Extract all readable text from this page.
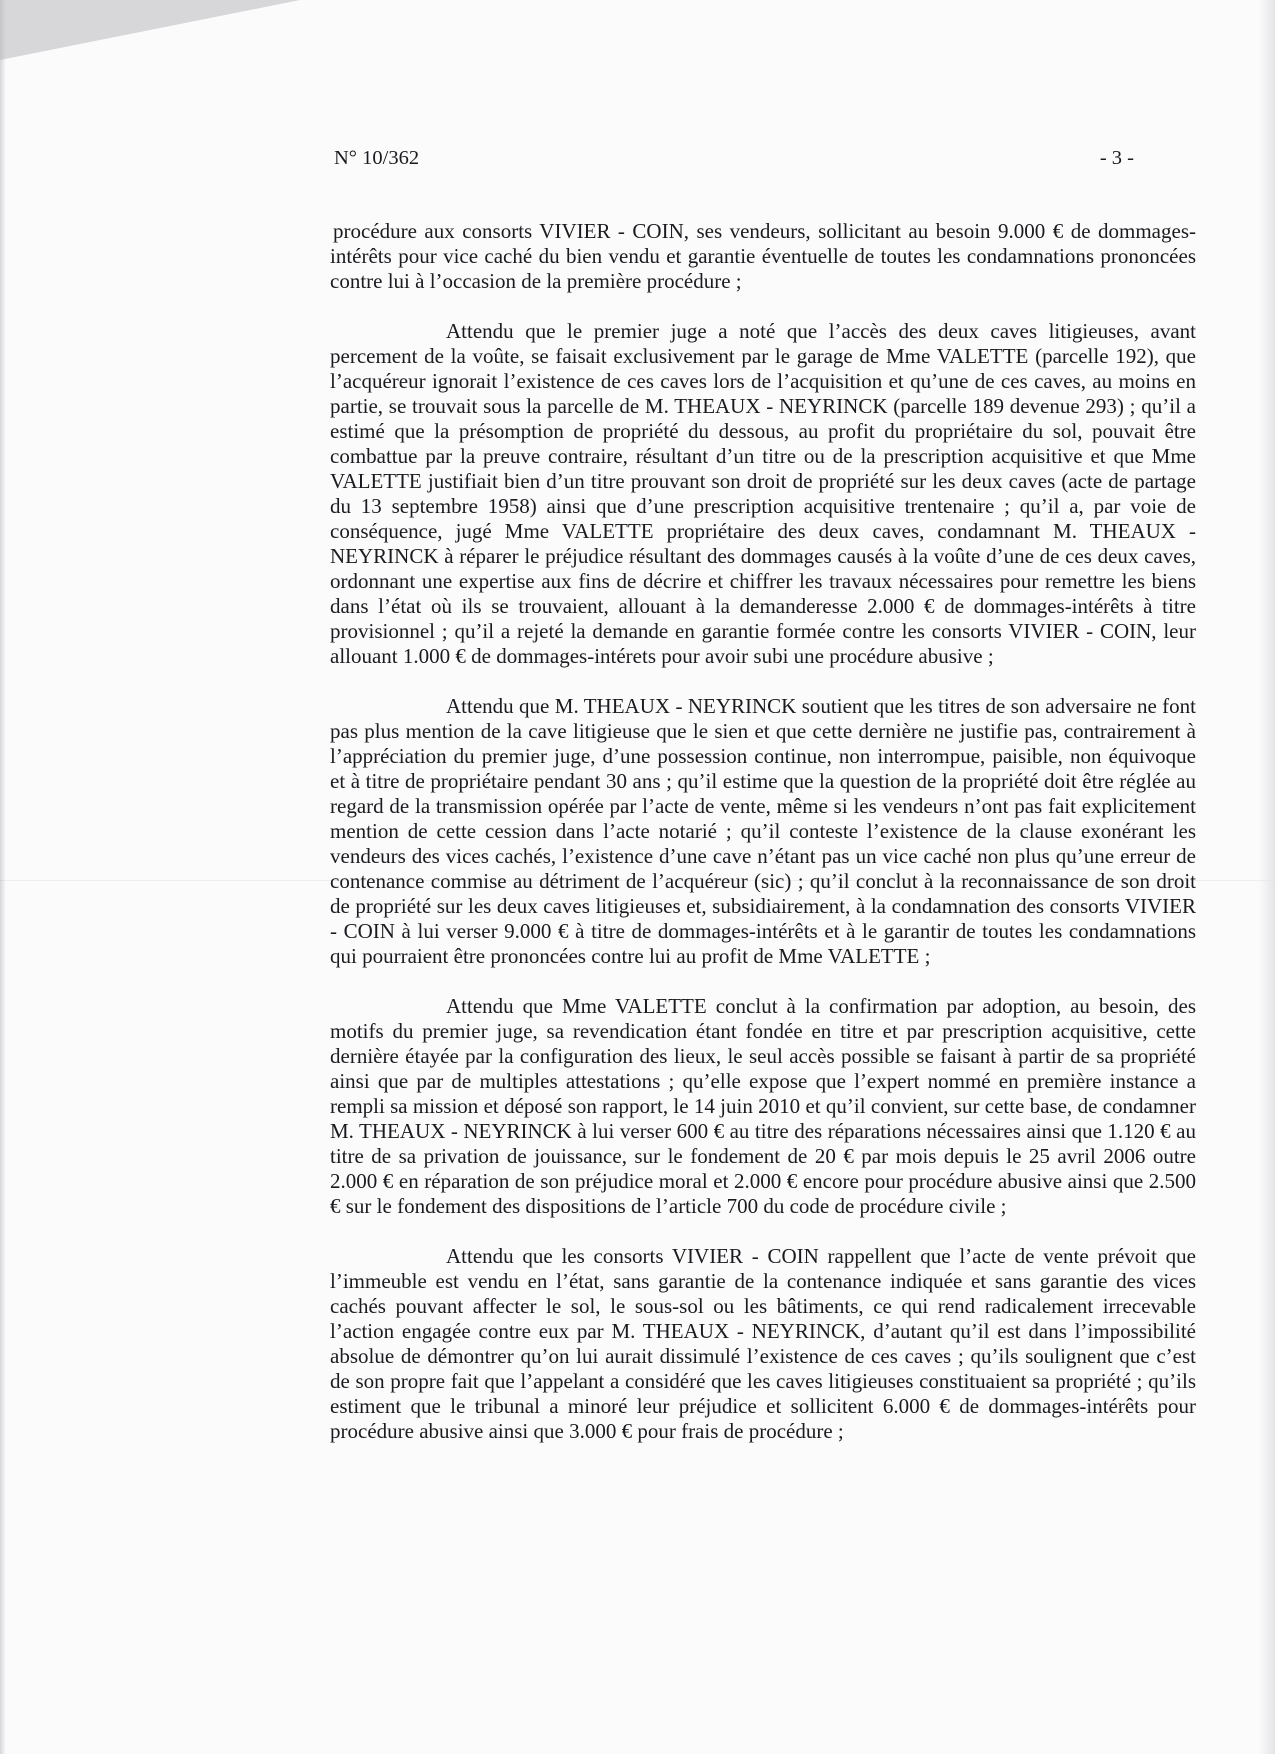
N° 10/362	- 3 -

procédure aux consorts VIVIER - COIN, ses vendeurs, sollicitant au besoin 9.000 € de dommages-intérêts pour vice caché du bien vendu et garantie éventuelle de toutes les condamnations prononcées contre lui à l’occasion de la première procédure ;

Attendu que le premier juge a noté que l’accès des deux caves litigieuses, avant percement de la voûte, se faisait exclusivement par le garage de Mme VALETTE (parcelle 192), que l’acquéreur ignorait l’existence de ces caves lors de l’acquisition et qu’une de ces caves, au moins en partie, se trouvait sous la parcelle de M. THEAUX - NEYRINCK (parcelle 189 devenue 293) ; qu’il a estimé que la présomption de propriété du dessous, au profit du propriétaire du sol, pouvait être combattue par la preuve contraire, résultant d’un titre ou de la prescription acquisitive et que Mme VALETTE justifiait bien d’un titre prouvant son droit de propriété sur les deux caves (acte de partage du 13 septembre 1958) ainsi que d’une prescription acquisitive trentenaire ; qu’il a, par voie de conséquence, jugé Mme VALETTE propriétaire des deux caves, condamnant M. THEAUX - NEYRINCK à réparer le préjudice résultant des dommages causés à la voûte d’une de ces deux caves, ordonnant une expertise aux fins de décrire et chiffrer les travaux nécessaires pour remettre les biens dans l’état où ils se trouvaient, allouant à la demanderesse 2.000 € de dommages-intérêts à titre provisionnel ; qu’il a rejeté la demande en garantie formée contre les consorts VIVIER - COIN, leur allouant 1.000 € de dommages-intérets pour avoir subi une procédure abusive ;

Attendu que M. THEAUX - NEYRINCK soutient que les titres de son adversaire ne font pas plus mention de la cave litigieuse que le sien et que cette dernière ne justifie pas, contrairement à l’appréciation du premier juge, d’une possession continue, non interrompue, paisible, non équivoque et à titre de propriétaire pendant 30 ans ; qu’il estime que la question de la propriété doit être réglée au regard de la transmission opérée par l’acte de vente, même si les vendeurs n’ont pas fait explicitement mention de cette cession dans l’acte notarié ; qu’il conteste l’existence de la clause exonérant les vendeurs des vices cachés, l’existence d’une cave n’étant pas un vice caché non plus qu’une erreur de contenance commise au détriment de l’acquéreur (sic) ; qu’il conclut à la reconnaissance de son droit de propriété sur les deux caves litigieuses et, subsidiairement, à la condamnation des consorts VIVIER - COIN à lui verser 9.000 € à titre de dommages-intérêts et à le garantir de toutes les condamnations qui pourraient être prononcées contre lui au profit de Mme VALETTE ;

Attendu que Mme VALETTE conclut à la confirmation par adoption, au besoin, des motifs du premier juge, sa revendication étant fondée en titre et par prescription acquisitive, cette dernière étayée par la configuration des lieux, le seul accès possible se faisant à partir de sa propriété ainsi que par de multiples attestations ; qu’elle expose que l’expert nommé en première instance a rempli sa mission et déposé son rapport, le 14 juin 2010 et qu’il convient, sur cette base, de condamner M. THEAUX - NEYRINCK à lui verser 600 € au titre des réparations nécessaires ainsi que 1.120 € au titre de sa privation de jouissance, sur le fondement de 20 € par mois depuis le 25 avril 2006 outre 2.000 € en réparation de son préjudice moral et 2.000 € encore pour procédure abusive ainsi que 2.500 € sur le fondement des dispositions de l’article 700 du code de procédure civile ;

Attendu que les consorts VIVIER - COIN rappellent que l’acte de vente prévoit que l’immeuble est vendu en l’état, sans garantie de la contenance indiquée et sans garantie des vices cachés pouvant affecter le sol, le sous-sol ou les bâtiments, ce qui rend radicalement irrecevable l’action engagée contre eux par M. THEAUX - NEYRINCK, d’autant qu’il est dans l’impossibilité absolue de démontrer qu’on lui aurait dissimulé l’existence de ces caves ; qu’ils soulignent que c’est de son propre fait que l’appelant a considéré que les caves litigieuses constituaient sa propriété ; qu’ils estiment que le tribunal a minoré leur préjudice et sollicitent 6.000 € de dommages-intérêts pour procédure abusive ainsi que 3.000 € pour frais de procédure ;
